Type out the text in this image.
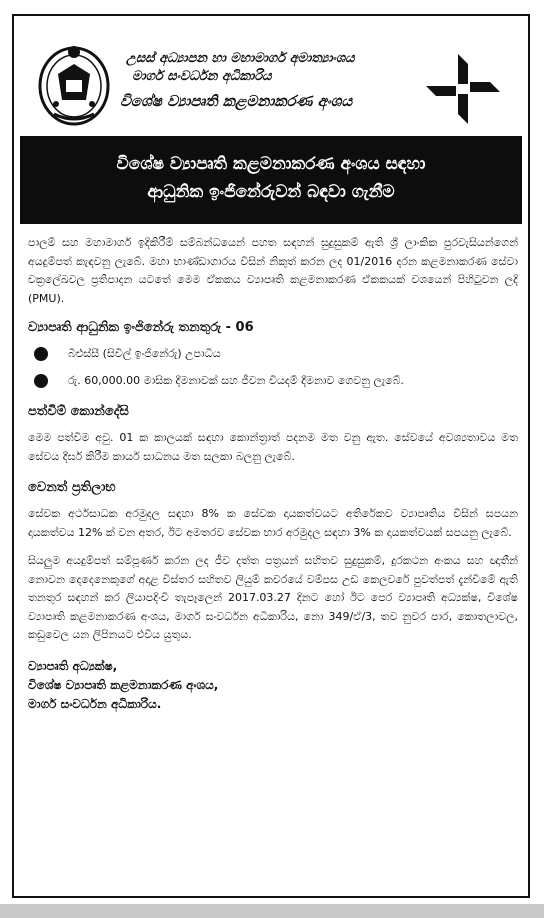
උසස් අධ්‍යාපන හා මහාමාර්ග අමාත්‍යාංශය
මාර්ග සංවර්ධන අධිකාරිය
විශේෂ ව්‍යාපෘති කළමනාකරණ අංශය
විශේෂ ව්‍යාපෘති කළමනාකරණ අංශය සඳහා
ආධුනික ඉංජිනේරුවන් බඳවා ගැනීම

පාලම් සහ මහාමාර්ග ඉදිකිරීම් සම්බන්ධයෙන් පහත සඳහන් සුදුසුකම් ඇති ශ්‍රී ලාංකික පුරවැසියන්ගෙන් අයදුම්පත් කැඳවනු ලැබේ. මහා භාණ්ඩාගාරය විසින් නිකුත් කරන ලද 01/2016 දරන කළමනාකරණ සේවා චක්‍රලේඛවල ප්‍රතිපාදන යටතේ මෙම ඒකකය ව්‍යාපෘති කළමනාකරණ ඒකකයක් වශයෙන් පිහිටුවන ලදි (PMU).

ව්‍යාපෘති ආධුනික ඉංජිනේරු තනතුරු - 06

බීඑස්සී (සිවිල් ඉංජිනේරු) උපාධිය
රු. 60,000.00 මාසික දීමනාවක් සහ ජීවන වියදම් දීමනාව ගෙවනු ලැබේ.

පත්වීම් කොන්දේසි

මෙම පත්වීම අවු. 01 ක කාලයක් සඳහා කොන්ත්‍රාත් පදනම මත වනු ඇත. සේවයේ අවශ්‍යතාවය මත සේවය දීර්ඝ කිරීම කාර්ය සාධනය මත සලකා බලනු ලැබේ.

වෙනත් ප්‍රතිලාභ

සේවක අර්ථසාධක අරමුදල සඳහා 8% ක සේවක දායකත්වයට අතිරේකව ව්‍යාපෘතිය විසින් සපයන දායකත්වය 12% ක් වන අතර, ඊට අමතරව සේවක භාර අරමුදල සඳහා 3% ක දායකත්වයක් සපයනු ලැබේ.

සියලුම අයදුම්පත් සම්පූර්ණ කරන ලද ජීව දත්ත පත්‍රයන් සහිතව සුදුසුකම්, දුරකථන අංකය සහ ඥාතීන් නොවන දෙදෙනෙකුගේ අදාළ විස්තර සහිතව ලියුම් කවරයේ වම්පස උඩ කෙලවරේ පුවත්පත් දැන්වීමේ ඇති තනතුර සඳහන් කර ලියාපදිංචි තැපෑලෙන් 2017.03.27 දිනට හෝ ඊට පෙර ව්‍යාපෘති අධ්‍යක්ෂ, විශේෂ ව්‍යාපෘති කළමනාකරණ අංශය, මාර්ග සංවර්ධන අධිකාරිය, නො 349/ඒ/3, තව නුවර පාර, කොතලාවල, කඩුවෙල යන ලිපිනයට එවිය යුතුය.

ව්‍යාපෘති අධ්‍යක්ෂ,
විශේෂ ව්‍යාපෘති කළමනාකරණ අංශය,
මාර්ග සංවර්ධන අධිකාරිය.
